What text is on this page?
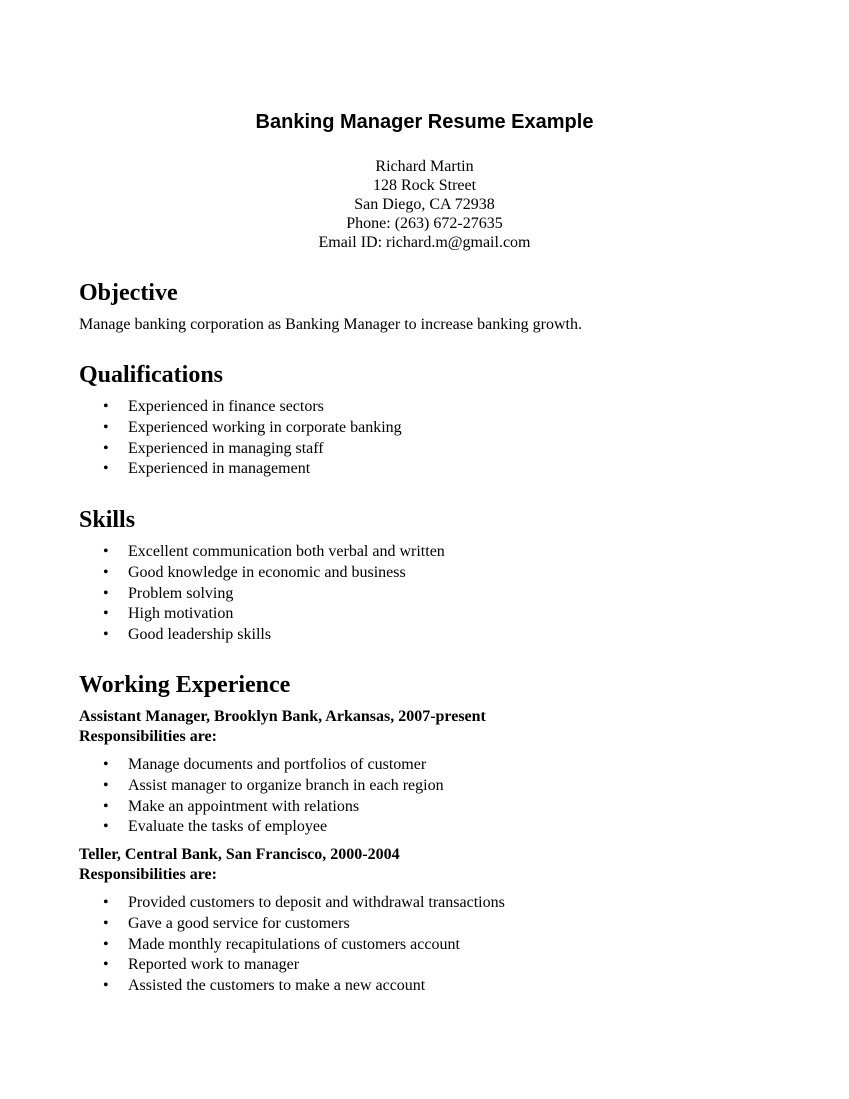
Banking Manager Resume Example
Richard Martin
128 Rock Street
San Diego, CA 72938
Phone: (263) 672-27635
Email ID: richard.m@gmail.com
Objective

Manage banking corporation as Banking Manager to increase banking growth.

Qualifications
• Experienced in finance sectors
• Experienced working in corporate banking
• Experienced in managing staff
• Experienced in management
Skills
• Excellent communication both verbal and written
• Good knowledge in economic and business
• Problem solving
• High motivation
• Good leadership skills
Working Experience

Assistant Manager, Brooklyn Bank, Arkansas, 2007-present

Responsibilities are:

• Manage documents and portfolios of customer
• Assist manager to organize branch in each region
• Make an appointment with relations
• Evaluate the tasks of employee

Teller, Central Bank, San Francisco, 2000-2004

Responsibilities are:

• Provided customers to deposit and withdrawal transactions
• Gave a good service for customers
• Made monthly recapitulations of customers account
• Reported work to manager
• Assisted the customers to make a new account
